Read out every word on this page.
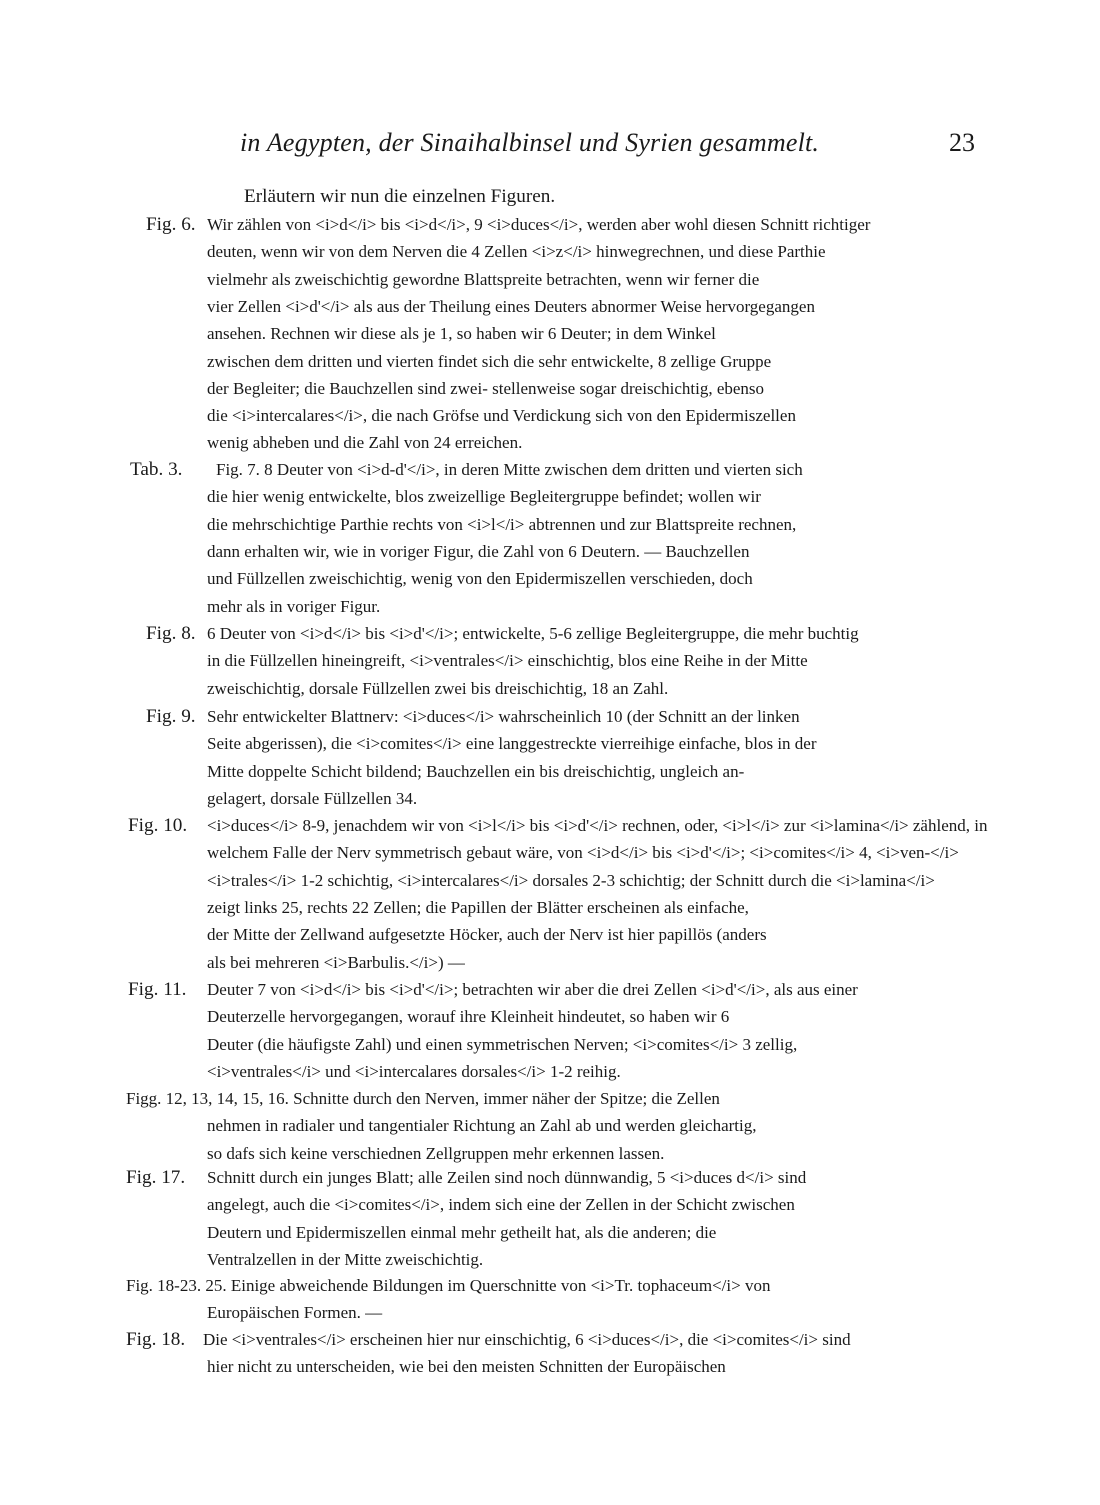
in Aegypten, der Sinaihalbinsel und Syrien gesammelt.	23
Erläutern wir nun die einzelnen Figuren.
Fig. 6. Wir zählen von <i>d</i> bis <i>d</i>, 9 <i>duces</i>, werden aber wohl diesen Schnitt richtiger
deuten, wenn wir von dem Nerven die 4 Zellen <i>z</i> hinwegrechnen, und diese Parthie
vielmehr als zweischichtig gewordne Blattspreite betrachten, wenn wir ferner die
vier Zellen <i>d'</i> als aus der Theilung eines Deuters abnormer Weise hervorgegangen
ansehen. Rechnen wir diese als je 1, so haben wir 6 Deuter; in dem Winkel
zwischen dem dritten und vierten findet sich die sehr entwickelte, 8 zellige Gruppe
der Begleiter; die Bauchzellen sind zwei- stellenweise sogar dreischichtig, ebenso
die <i>intercalares</i>, die nach Gröfse und Verdickung sich von den Epidermiszellen
wenig abheben und die Zahl von 24 erreichen.
Tab. 3. Fig. 7. 8 Deuter von <i>d-d'</i>, in deren Mitte zwischen dem dritten und vierten sich
die hier wenig entwickelte, blos zweizellige Begleitergruppe befindet; wollen wir
die mehrschichtige Parthie rechts von <i>l</i> abtrennen und zur Blattspreite rechnen,
dann erhalten wir, wie in voriger Figur, die Zahl von 6 Deutern. — Bauchzellen
und Füllzellen zweischichtig, wenig von den Epidermiszellen verschieden, doch
mehr als in voriger Figur.
Fig. 8. 6 Deuter von <i>d</i> bis <i>d'</i>; entwickelte, 5-6 zellige Begleitergruppe, die mehr buchtig
in die Füllzellen hineingreift, <i>ventrales</i> einschichtig, blos eine Reihe in der Mitte
zweischichtig, dorsale Füllzellen zwei bis dreischichtig, 18 an Zahl.
Fig. 9. Sehr entwickelter Blattnerv: <i>duces</i> wahrscheinlich 10 (der Schnitt an der linken
Seite abgerissen), die <i>comites</i> eine langgestreckte vierreihige einfache, blos in der
Mitte doppelte Schicht bildend; Bauchzellen ein bis dreischichtig, ungleich an-
gelagert, dorsale Füllzellen 34.
Fig. 10. <i>duces</i> 8-9, jenachdem wir von <i>l</i> bis <i>d'</i> rechnen, oder, <i>l</i> zur <i>lamina</i> zählend, in
welchem Falle der Nerv symmetrisch gebaut wäre, von <i>d</i> bis <i>d'</i>; <i>comites</i> 4, <i>ven-</i>
<i>trales</i> 1-2 schichtig, <i>intercalares</i> dorsales 2-3 schichtig; der Schnitt durch die <i>lamina</i>
zeigt links 25, rechts 22 Zellen; die Papillen der Blätter erscheinen als einfache,
der Mitte der Zellwand aufgesetzte Höcker, auch der Nerv ist hier papillös (anders
als bei mehreren <i>Barbulis.</i>) —
Fig. 11. Deuter 7 von <i>d</i> bis <i>d'</i>; betrachten wir aber die drei Zellen <i>d'</i>, als aus einer
Deuterzelle hervorgegangen, worauf ihre Kleinheit hindeutet, so haben wir 6
Deuter (die häufigste Zahl) und einen symmetrischen Nerven; <i>comites</i> 3 zellig,
<i>ventrales</i> und <i>intercalares dorsales</i> 1-2 reihig.
Figg. 12, 13, 14, 15, 16. Schnitte durch den Nerven, immer näher der Spitze; die Zellen
nehmen in radialer und tangentialer Richtung an Zahl ab und werden gleichartig,
so dafs sich keine verschiednen Zellgruppen mehr erkennen lassen.
Fig. 17. Schnitt durch ein junges Blatt; alle Zeilen sind noch dünnwandig, 5 <i>duces d</i> sind
angelegt, auch die <i>comites</i>, indem sich eine der Zellen in der Schicht zwischen
Deutern und Epidermiszellen einmal mehr getheilt hat, als die anderen; die
Ventralzellen in der Mitte zweischichtig.
Fig. 18-23. 25. Einige abweichende Bildungen im Querschnitte von <i>Tr. tophaceum</i> von
Europäischen Formen. —
Fig. 18. Die <i>ventrales</i> erscheinen hier nur einschichtig, 6 <i>duces</i>, die <i>comites</i> sind
hier nicht zu unterscheiden, wie bei den meisten Schnitten der Europäischen
